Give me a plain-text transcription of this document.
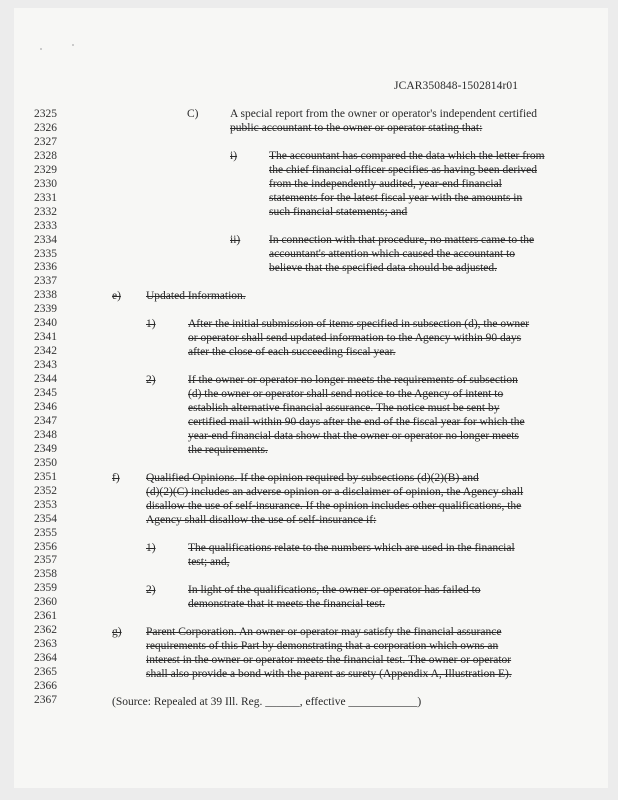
JCAR350848-1502814r01
2325
2326
2327
2328
2329
2330
2331
2332
2333
2334
2335
2336
2337
2338
2339
2340
2341
2342
2343
2344
2345
2346
2347
2348
2349
2350
2351
2352
2353
2354
2355
2356
2357
2358
2359
2360
2361
2362
2363
2364
2365
2366
2367
C)	A special report from the owner or operator's independent certified
public accountant to the owner or operator stating that:
i)	The accountant has compared the data which the letter from
the chief financial officer specifies as having been derived
from the independently audited, year-end financial
statements for the latest fiscal year with the amounts in
such financial statements; and
ii)	In connection with that procedure, no matters came to the
accountant's attention which caused the accountant to
believe that the specified data should be adjusted.
e) Updated Information.
1)	After the initial submission of items specified in subsection (d), the owner
or operator shall send updated information to the Agency within 90 days
after the close of each succeeding fiscal year.
2)	If the owner or operator no longer meets the requirements of subsection
(d) the owner or operator shall send notice to the Agency of intent to
establish alternative financial assurance. The notice must be sent by
certified mail within 90 days after the end of the fiscal year for which the
year-end financial data show that the owner or operator no longer meets
the requirements.
f) Qualified Opinions. If the opinion required by subsections (d)(2)(B) and
(d)(2)(C) includes an adverse opinion or a disclaimer of opinion, the Agency shall
disallow the use of self-insurance. If the opinion includes other qualifications, the
Agency shall disallow the use of self-insurance if:
1)	The qualifications relate to the numbers which are used in the financial
test; and,
2)	In light of the qualifications, the owner or operator has failed to
demonstrate that it meets the financial test.
g) Parent Corporation. An owner or operator may satisfy the financial assurance
requirements of this Part by demonstrating that a corporation which owns an
interest in the owner or operator meets the financial test. The owner or operator
shall also provide a bond with the parent as surety (Appendix A, Illustration E).
(Source: Repealed at 39 Ill. Reg. ______, effective ____________)
